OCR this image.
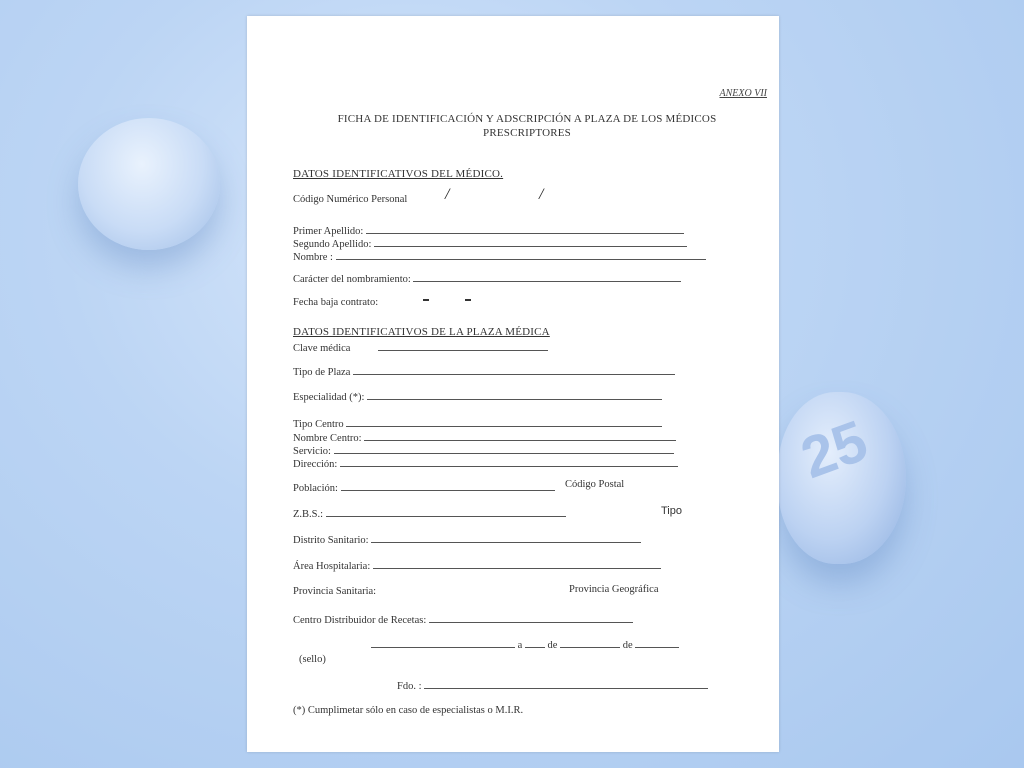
25
ANEXO VII
FICHA DE IDENTIFICACIÓN Y ADSCRIPCIÓN A PLAZA DE LOS MÉDICOS
PRESCRIPTORES
DATOS IDENTIFICATIVOS DEL MÉDICO.
Código Numérico Personal /	/
Primer Apellido:
Segundo Apellido:
Nombre :
Carácter del nombramiento:
Fecha baja contrato:
DATOS IDENTIFICATIVOS DE LA PLAZA MÉDICA
Clave médica
Tipo de Plaza
Especialidad (*):
Tipo Centro
Nombre Centro:
Servicio:
Dirección:
Población:	Código Postal
Z.B.S.:	Tipo
Distrito Sanitario:
Área Hospitalaria:
Provincia Sanitaria:	Provincia Geográfica
Centro Distribuidor de Recetas:
a de	de
(sello)
Fdo. :
(*) Cumplimetar sólo en caso de especialistas o M.I.R.
